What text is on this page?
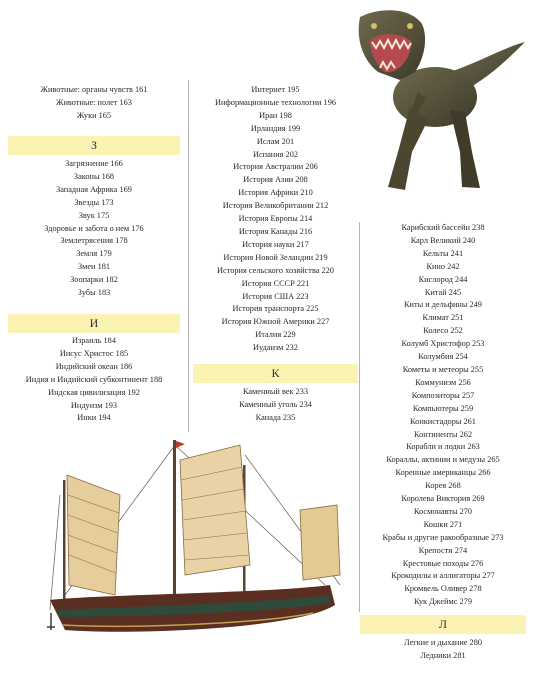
Животные: органы чувств 161
Животные: полет 163
Жуки 165
З
Загрязнение 166
Законы 168
Западная Африка 169
Звезды 173
Звук 175
Здоровье и забота о нем 176
Землетрясения 178
Земля 179
Змеи 181
Зоопарки 182
Зубы 183
И
Израиль 184
Иисус Христос 185
Индийский океан 186
Индия и Индийский субконтинент 188
Индская цивилизация 192
Индуизм 193
Инки 194
Интернет 195
Информационные технологии 196
Иран 198
Ирландия 199
Ислам 201
Испания 202
История Австралии 206
История Азии 208
История Африки 210
История Великобритании 212
История Европы 214
История Канады 216
История науки 217
История Новой Зеландии 219
История сельского хозяйства 220
История СССР 221
История США 223
История транспорта 225
История Южной Америки 227
Италия 229
Иудаизм 232
К
Каменный век 233
Каменный уголь 234
Канада 235
Карибский бассейн 238
Карл Великий 240
Кельты 241
Кино 242
Кислород 244
Китай 245
Киты и дельфины 249
Климат 251
Колесо 252
Колумб Христофор 253
Колумбия 254
Кометы и метеоры 255
Коммунизм 256
Композиторы 257
Компьютеры 259
Конкистадоры 261
Континенты 262
Корабли и лодки 263
Кораллы, актинии и медузы 265
Коренные американцы 266
Корея 268
Королева Виктория 269
Космонавты 270
Кошки 271
Крабы и другие ракообразные 273
Крепости 274
Крестовые походы 276
Крокодилы и аллигаторы 277
Кромвель Оливер 278
Кук Джеймс 279
Л
Легкие и дыхание 280
Ледники 281
